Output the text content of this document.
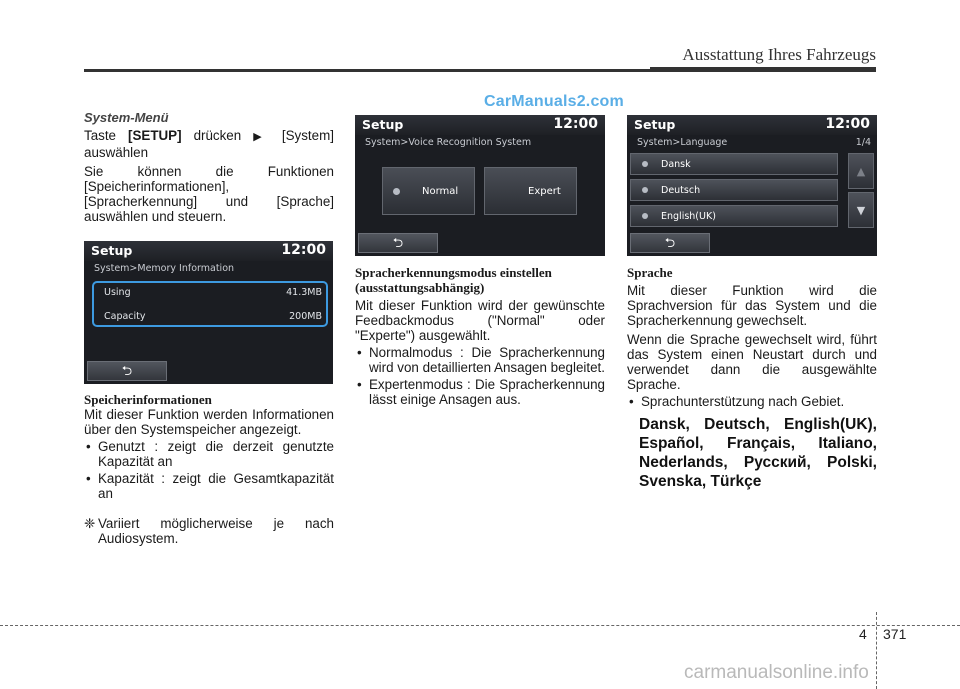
Ausstattung Ihres Fahrzeugs
CarManuals2.com
System-Menü

Taste [SETUP] drücken ▶ [System] auswählen

Sie können die Funktionen [Speicherinformationen], [Spracherkennung] und [Sprache] auswählen und steuern.

Setup	12:00
System>Memory Information
Using	41.3MB
Capacity	200MB
⮌
Speicherinformationen

Mit dieser Funktion werden Informationen über den Systemspeicher angezeigt.

• Genutzt : zeigt die derzeit genutzte Kapazität an
• Kapazität : zeigt die Gesamtkapazität an
❈ Variiert möglicherweise je nach Audiosystem.
Setup	12:00
System>Voice Recognition System
Normal	Expert
⮌
Spracherkennungsmodus einstellen (ausstattungsabhängig)

Mit dieser Funktion wird der gewünschte Feedbackmodus ("Normal" oder "Experte") ausgewählt.

• Normalmodus : Die Spracherkennung wird von detaillierten Ansagen begleitet.
• Expertenmodus : Die Spracherkennung lässt einige Ansagen aus.
Setup	12:00
System>Language	1/4
Dansk
Deutsch
English(UK)
▲
▼
⮌
Sprache

Mit dieser Funktion wird die Sprachversion für das System und die Spracherkennung gewechselt.

Wenn die Sprache gewechselt wird, führt das System einen Neustart durch und verwendet dann die ausgewählte Sprache.

• Sprachunterstützung nach Gebiet.
Dansk, Deutsch, English(UK), Español, Français, Italiano, Nederlands, Русский, Polski, Svenska, Türkçe
4 371
carmanualsonline.info
